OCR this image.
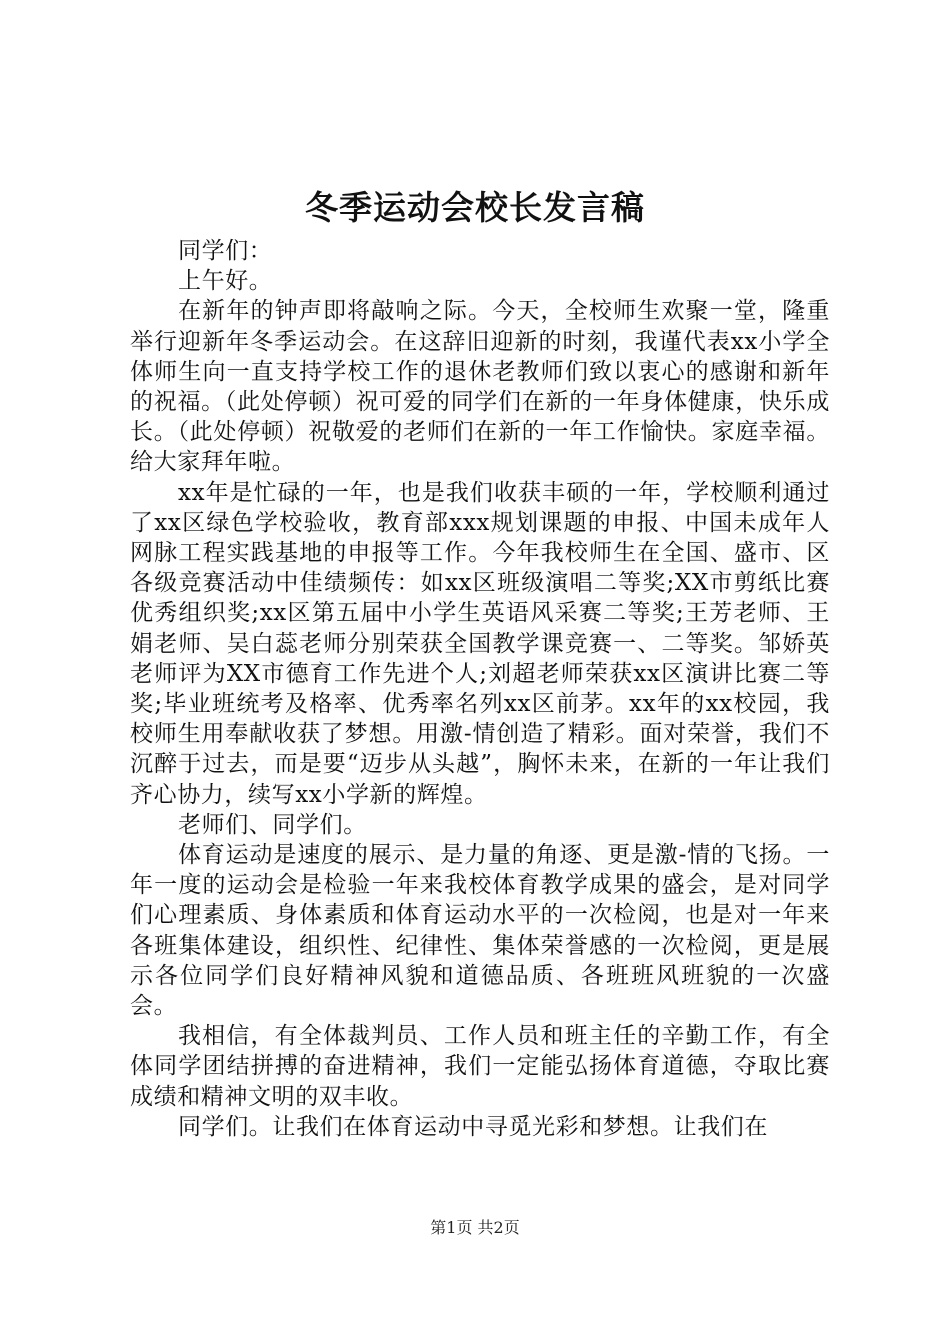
冬季运动会校长发言稿

同学们：

上午好。

在新年的钟声即将敲响之际。今天，全校师生欢聚一堂，隆重举行迎新年冬季运动会。在这辞旧迎新的时刻，我谨代表xx小学全体师生向一直支持学校工作的退休老教师们致以衷心的感谢和新年的祝福。（此处停顿）祝可爱的同学们在新的一年身体健康，快乐成长。（此处停顿）祝敬爱的老师们在新的一年工作愉快。家庭幸福。给大家拜年啦。

xx年是忙碌的一年，也是我们收获丰硕的一年，学校顺利通过了xx区绿色学校验收，教育部xxx规划课题的申报、中国未成年人网脉工程实践基地的申报等工作。今年我校师生在全国、盛市、区各级竞赛活动中佳绩频传：如xx区班级演唱二等奖;XX市剪纸比赛优秀组织奖;xx区第五届中小学生英语风采赛二等奖;王芳老师、王娟老师、吴白蕊老师分别荣获全国教学课竞赛一、二等奖。邹娇英老师评为XX市德育工作先进个人;刘超老师荣获xx区演讲比赛二等奖;毕业班统考及格率、优秀率名列xx区前茅。xx年的xx校园，我校师生用奉献收获了梦想。用激-情创造了精彩。面对荣誉，我们不沉醉于过去，而是要“迈步从头越”，胸怀未来，在新的一年让我们齐心协力，续写xx小学新的辉煌。

老师们、同学们。

体育运动是速度的展示、是力量的角逐、更是激-情的飞扬。一年一度的运动会是检验一年来我校体育教学成果的盛会，是对同学们心理素质、身体素质和体育运动水平的一次检阅，也是对一年来各班集体建设，组织性、纪律性、集体荣誉感的一次检阅，更是展示各位同学们良好精神风貌和道德品质、各班班风班貌的一次盛会。

我相信，有全体裁判员、工作人员和班主任的辛勤工作，有全体同学团结拼搏的奋进精神，我们一定能弘扬体育道德，夺取比赛成绩和精神文明的双丰收。

同学们。让我们在体育运动中寻觅光彩和梦想。让我们在

第1页 共2页
